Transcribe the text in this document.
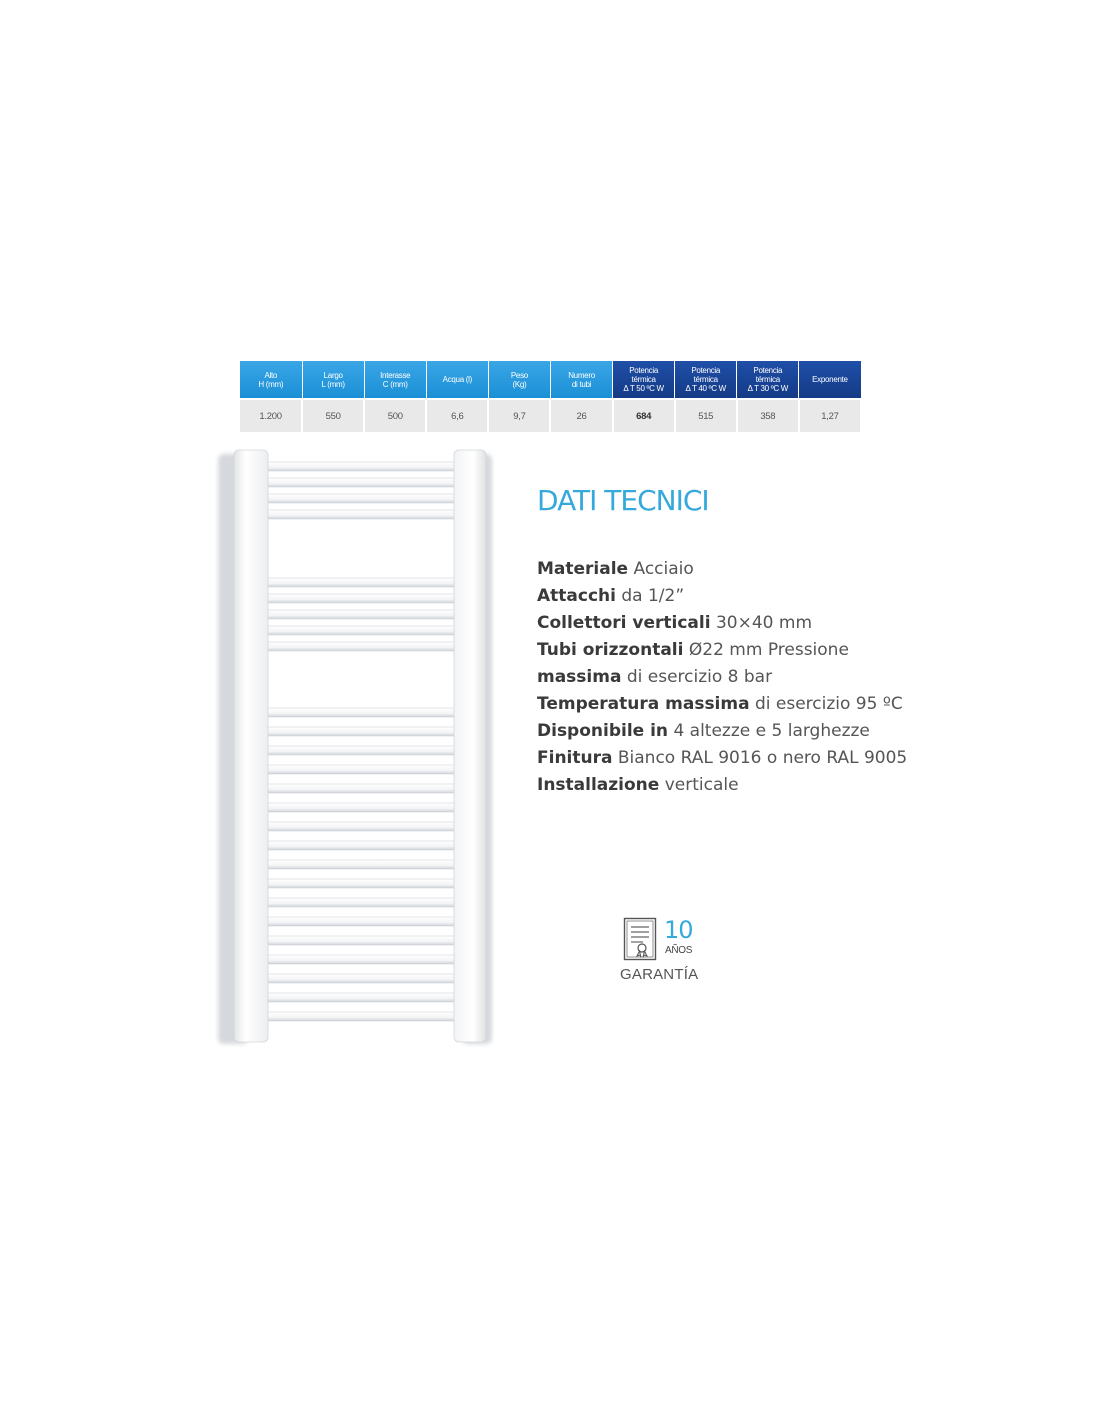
Alto
H (mm)	Largo
L (mm)	Interasse
C (mm)	Acqua (l)	Peso
(Kg)	Numero
di tubi	Potencia
térmica
Δ T 50 ºC W	Potencia
térmica
Δ T 40 ºC W	Potencia
térmica
Δ T 30 ºC W	Exponente
1.200	550	500	6,6	9,7	26	684	515	358	1,27
DATI TECNICI
Materiale Acciaio
Attacchi da 1/2”
Collettori verticali 30×40 mm
Tubi orizzontali Ø22 mm Pressione
massima di esercizio 8 bar
Temperatura massima di esercizio 95 ºC
Disponibile in 4 altezze e 5 larghezze
Finitura Bianco RAL 9016 o nero RAL 9005
Installazione verticale
10
AÑOS
GARANTÍA
